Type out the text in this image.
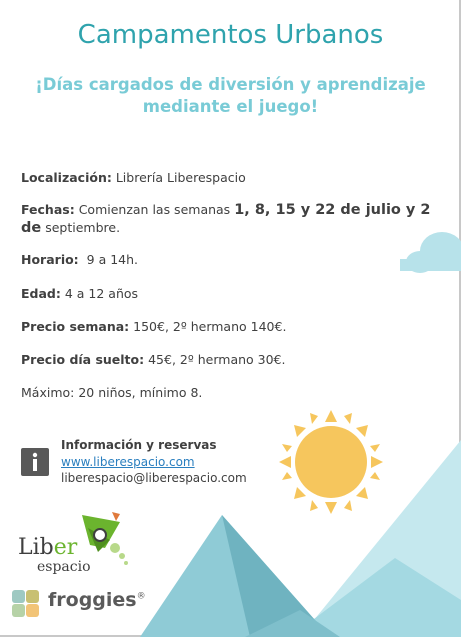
Campamentos Urbanos
¡Días cargados de diversión y aprendizaje mediante el juego!
Localización: Librería Liberespacio
Fechas: Comienzan las semanas 1, 8, 15 y 22 de julio y 2 de septiembre.
Horario: 9 a 14h.
Edad: 4 a 12 años
Precio semana: 150€, 2º hermano 140€.
Precio día suelto: 45€, 2º hermano 30€.
Máximo: 20 niños, mínimo 8.
Información y reservas
www.liberespacio.com
liberespacio@liberespacio.com
Liber
espacio
froggies®
